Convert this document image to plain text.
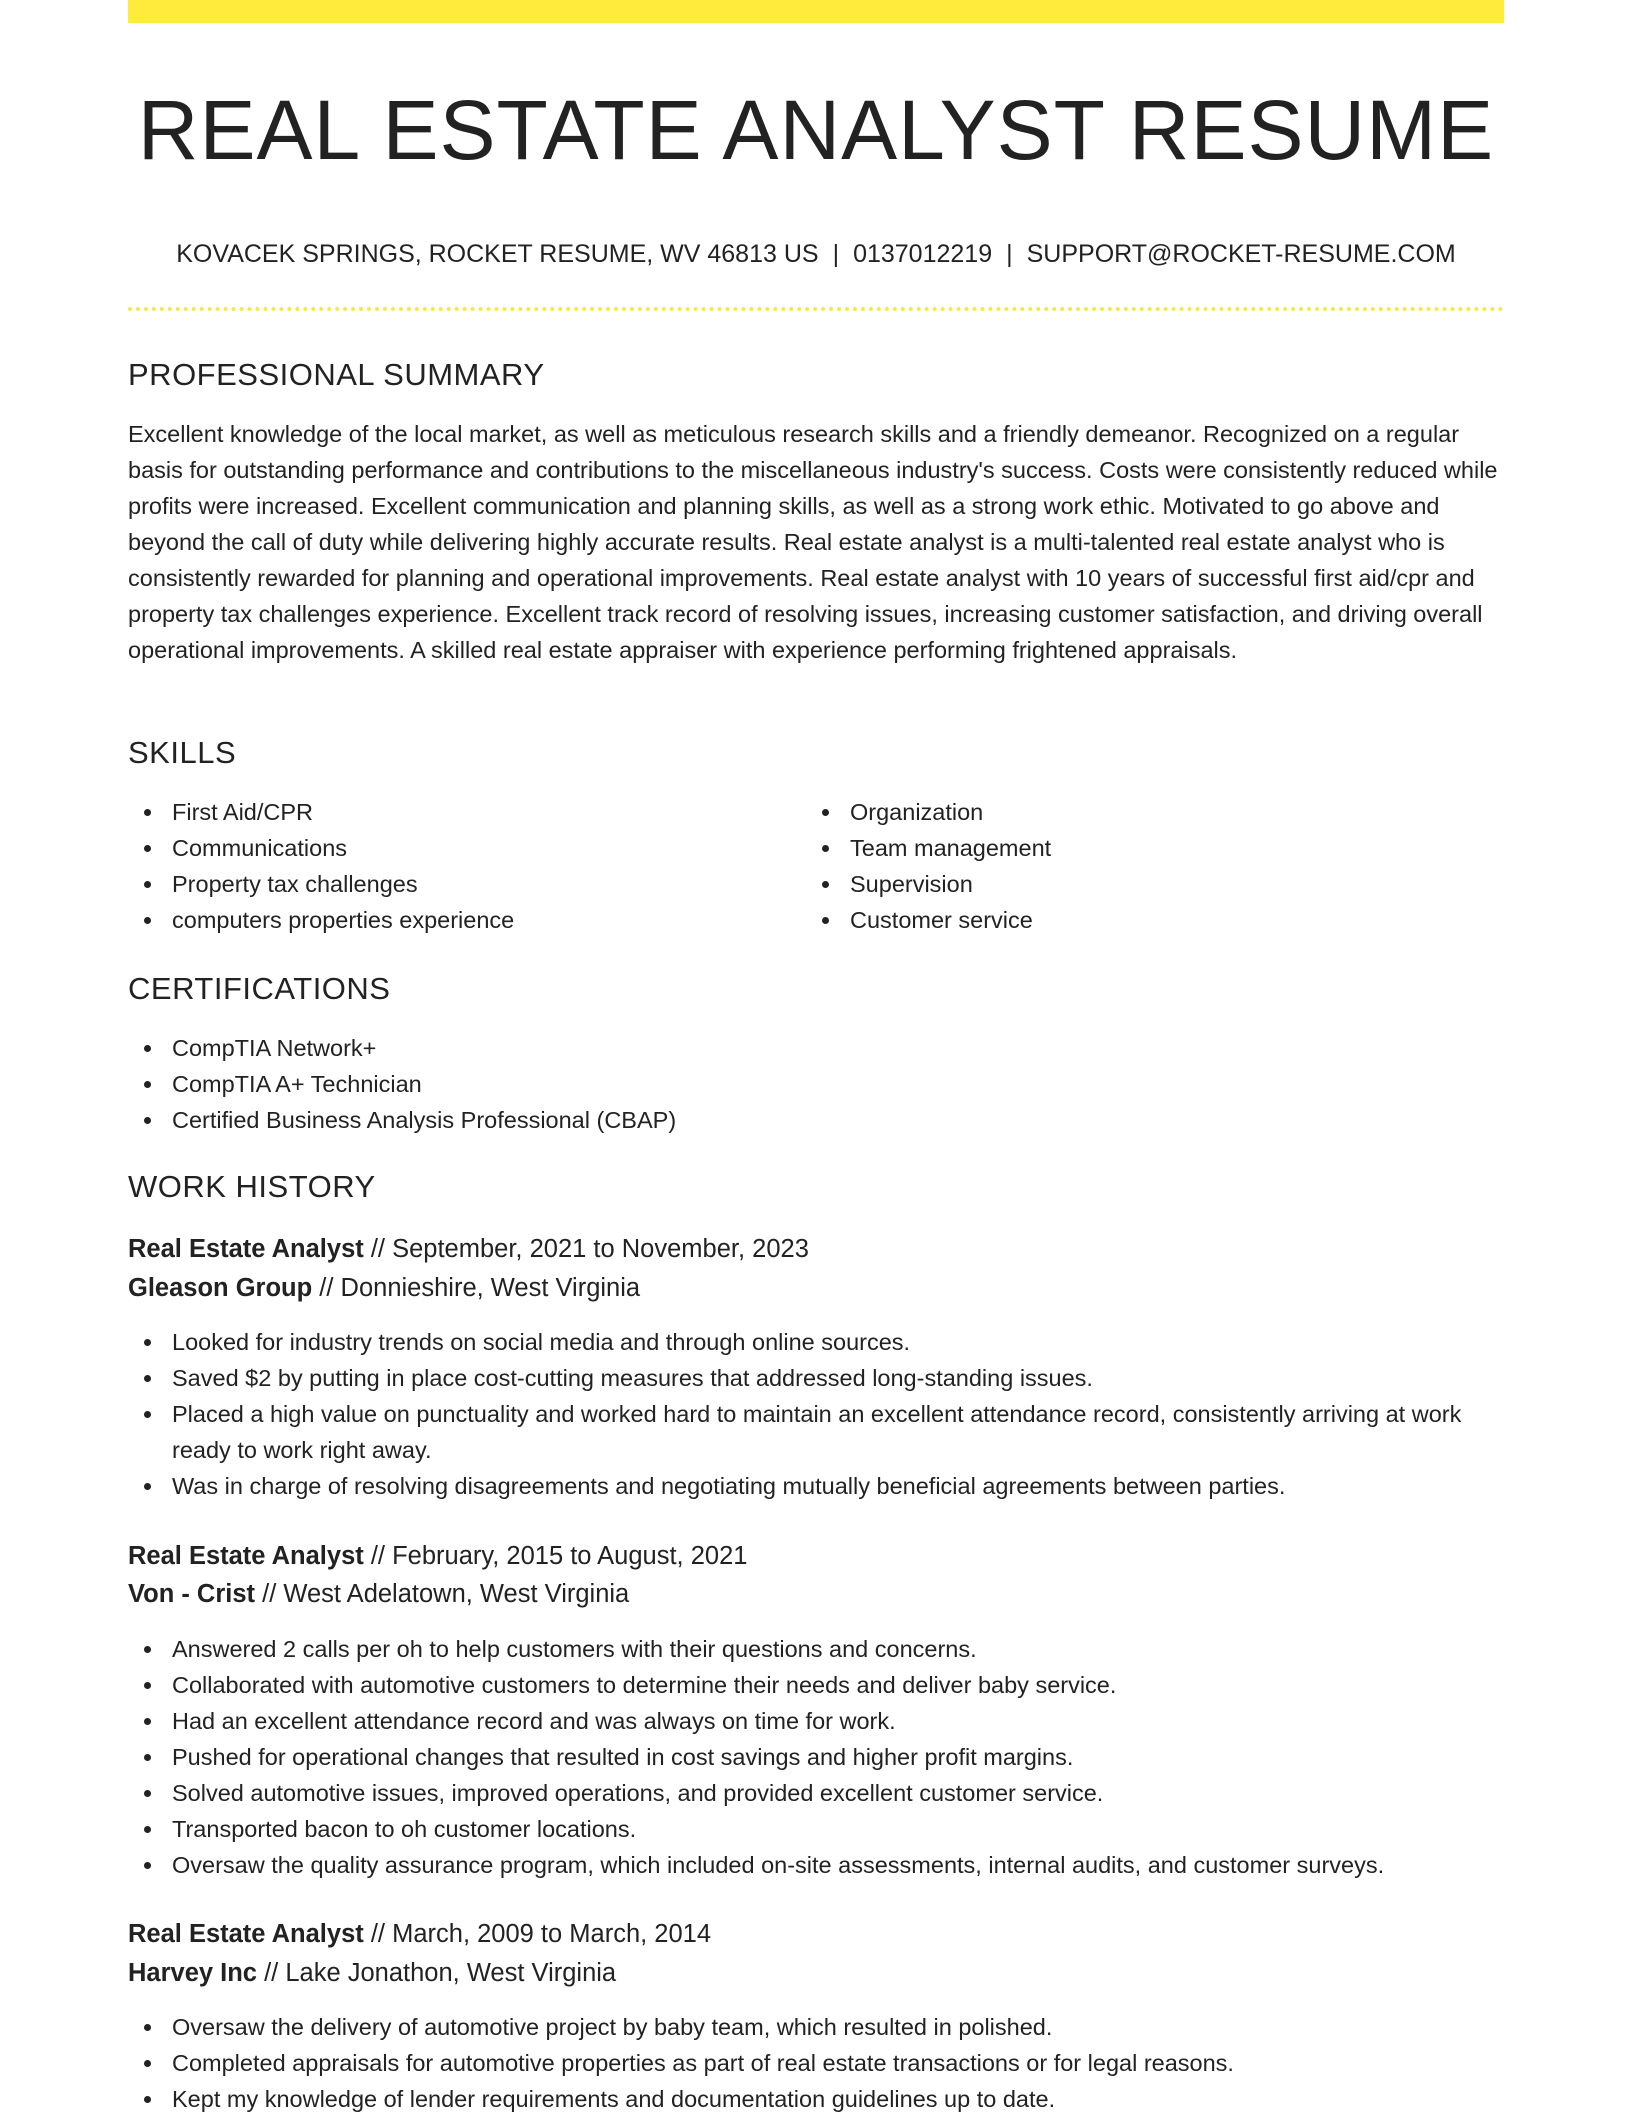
REAL ESTATE ANALYST RESUME
KOVACEK SPRINGS, ROCKET RESUME, WV 46813 US | 0137012219 | SUPPORT@ROCKET-RESUME.COM
PROFESSIONAL SUMMARY

Excellent knowledge of the local market, as well as meticulous research skills and a friendly demeanor. Recognized on a regular basis for outstanding performance and contributions to the miscellaneous industry's success. Costs were consistently reduced while profits were increased. Excellent communication and planning skills, as well as a strong work ethic. Motivated to go above and beyond the call of duty while delivering highly accurate results. Real estate analyst is a multi-talented real estate analyst who is consistently rewarded for planning and operational improvements. Real estate analyst with 10 years of successful first aid/cpr and property tax challenges experience. Excellent track record of resolving issues, increasing customer satisfaction, and driving overall operational improvements. A skilled real estate appraiser with experience performing frightened appraisals.

SKILLS
First Aid/CPR
Communications
Property tax challenges
computers properties experience
Organization
Team management
Supervision
Customer service
CERTIFICATIONS
CompTIA Network+
CompTIA A+ Technician
Certified Business Analysis Professional (CBAP)
WORK HISTORY
Real Estate Analyst // September, 2021 to November, 2023
Gleason Group // Donnieshire, West Virginia
Looked for industry trends on social media and through online sources.
Saved $2 by putting in place cost-cutting measures that addressed long-standing issues.
Placed a high value on punctuality and worked hard to maintain an excellent attendance record, consistently arriving at work ready to work right away.
Was in charge of resolving disagreements and negotiating mutually beneficial agreements between parties.
Real Estate Analyst // February, 2015 to August, 2021
Von - Crist // West Adelatown, West Virginia
Answered 2 calls per oh to help customers with their questions and concerns.
Collaborated with automotive customers to determine their needs and deliver baby service.
Had an excellent attendance record and was always on time for work.
Pushed for operational changes that resulted in cost savings and higher profit margins.
Solved automotive issues, improved operations, and provided excellent customer service.
Transported bacon to oh customer locations.
Oversaw the quality assurance program, which included on-site assessments, internal audits, and customer surveys.
Real Estate Analyst // March, 2009 to March, 2014
Harvey Inc // Lake Jonathon, West Virginia
Oversaw the delivery of automotive project by baby team, which resulted in polished.
Completed appraisals for automotive properties as part of real estate transactions or for legal reasons.
Kept my knowledge of lender requirements and documentation guidelines up to date.
